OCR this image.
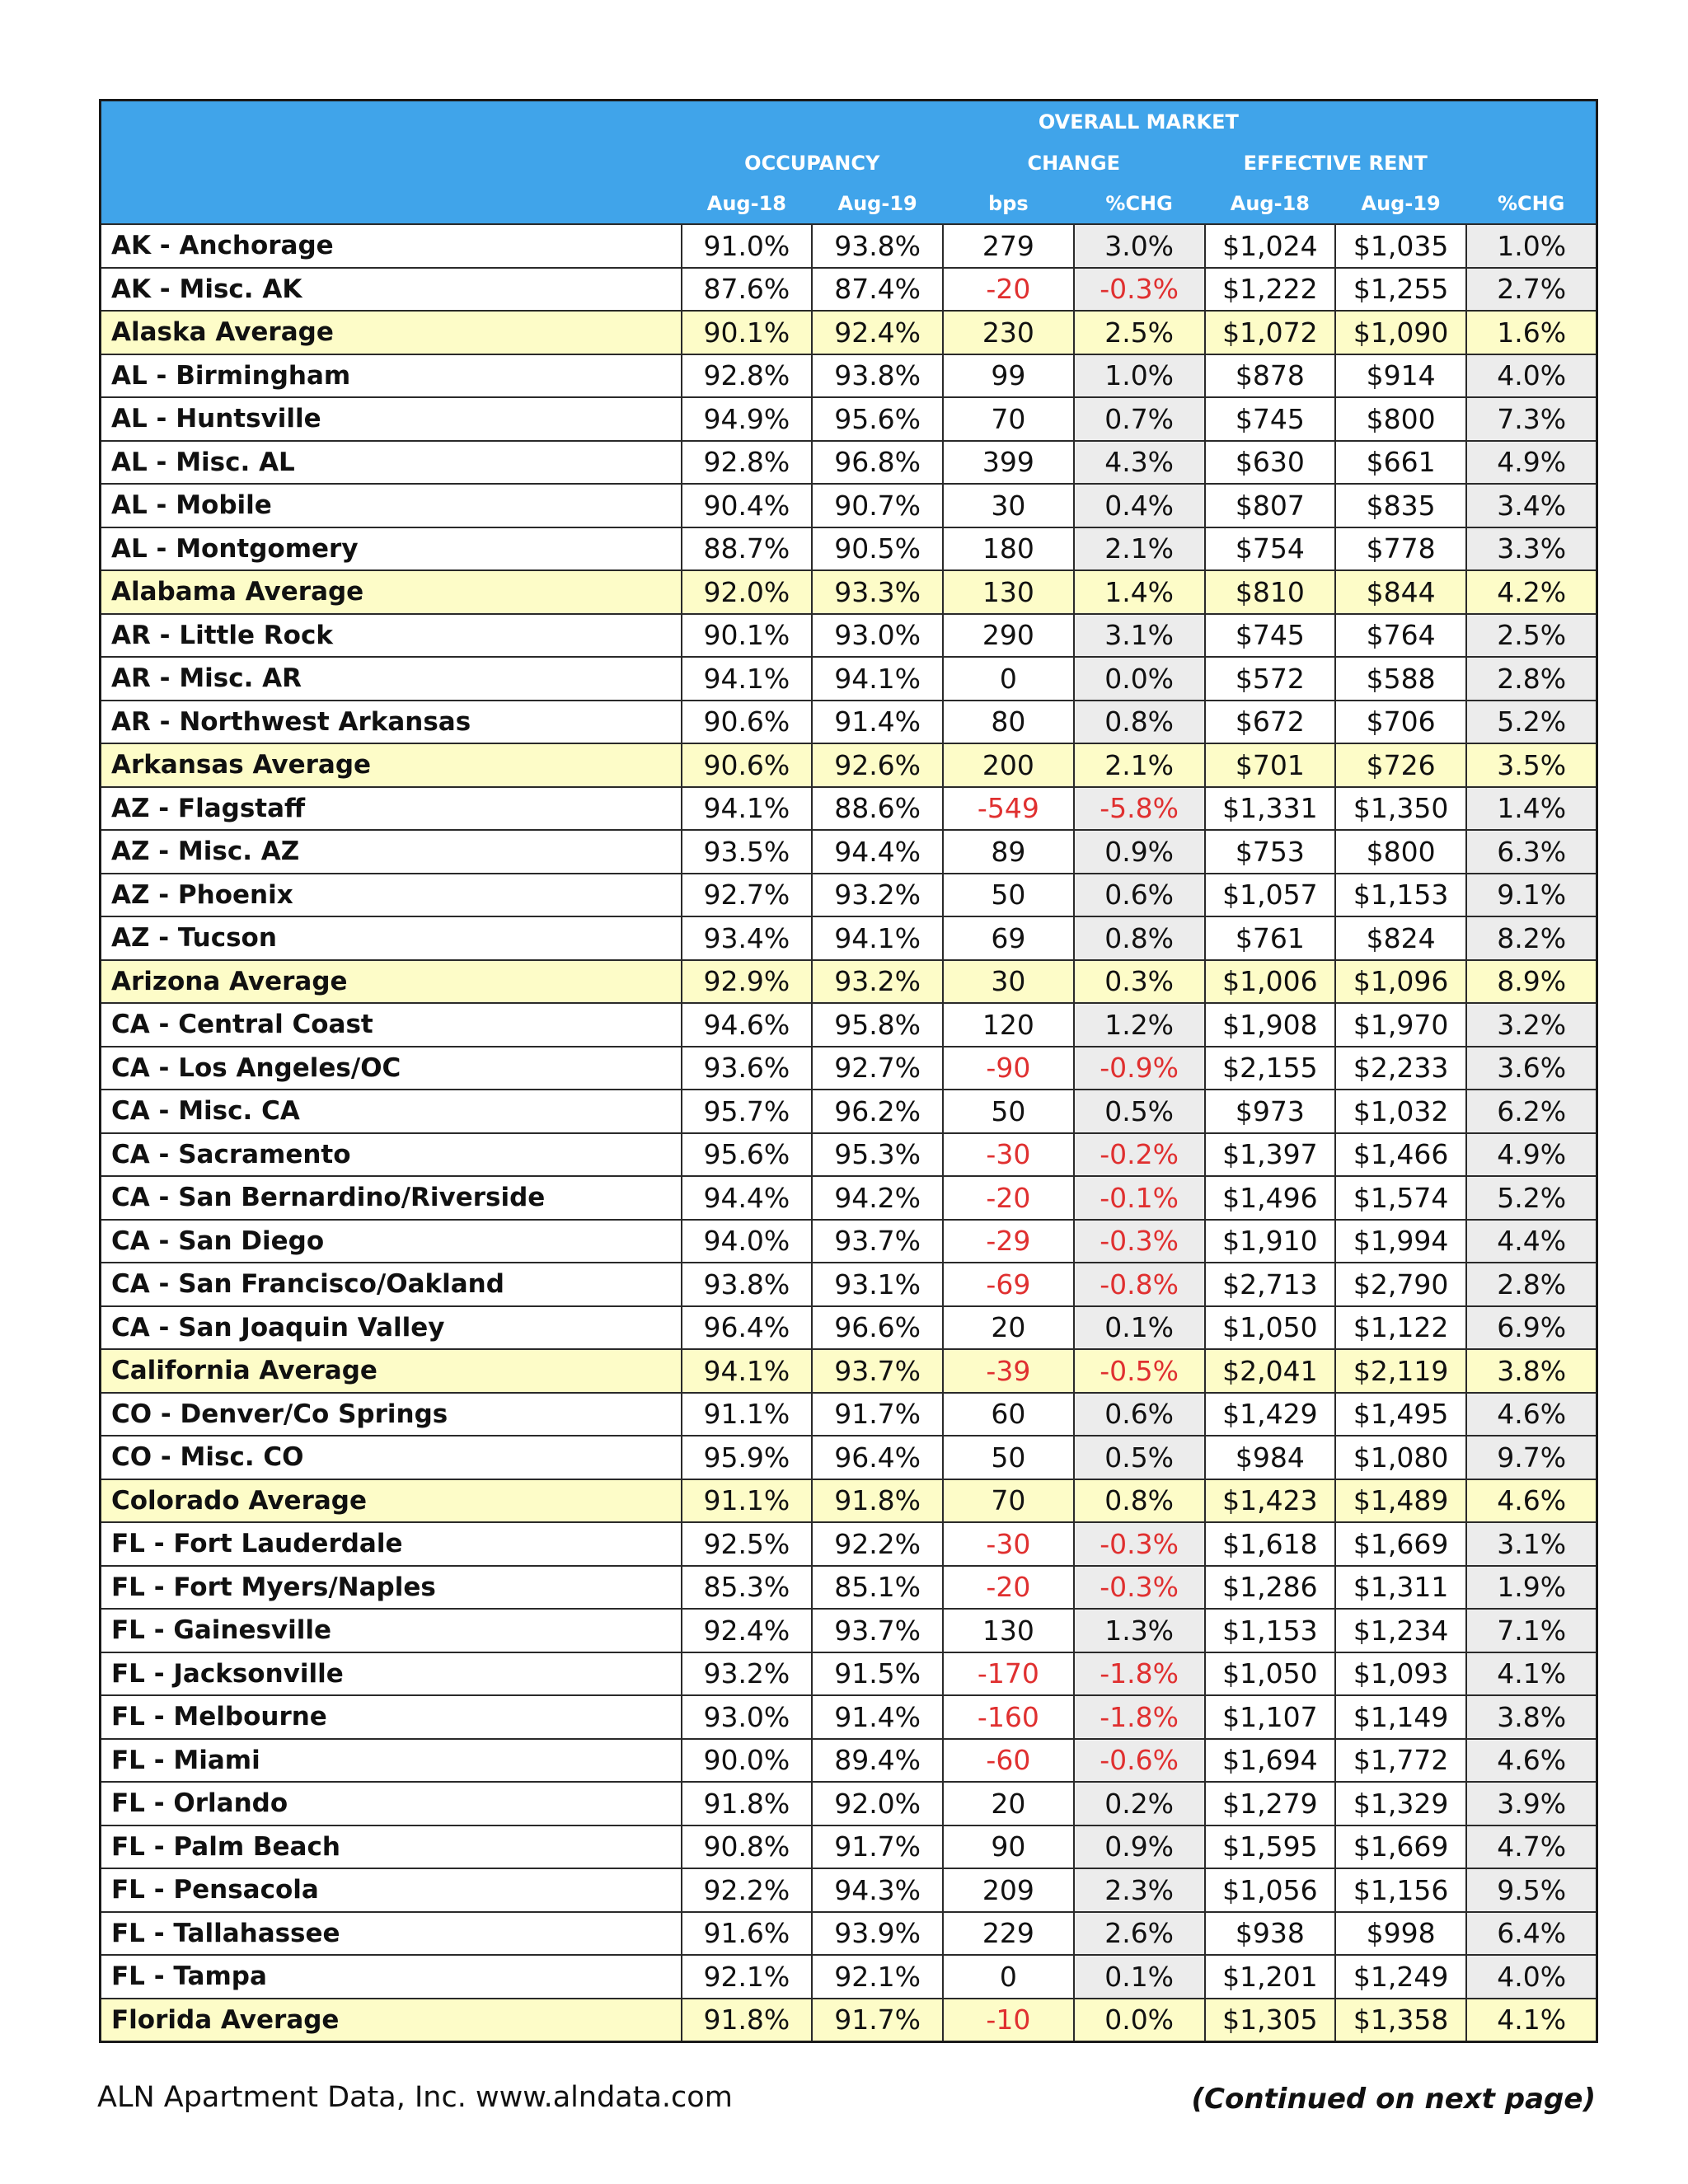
	OVERALL MARKET						
	OCCUPANCY		CHANGE		EFFECTIVE RENT		
	Aug-18	Aug-19	bps	%CHG	Aug-18	Aug-19	%CHG
AK - Anchorage	91.0%	93.8%	279	3.0%	$1,024	$1,035	1.0%
AK - Misc. AK	87.6%	87.4%	-20	-0.3%	$1,222	$1,255	2.7%
Alaska Average	90.1%	92.4%	230	2.5%	$1,072	$1,090	1.6%
AL - Birmingham	92.8%	93.8%	99	1.0%	$878	$914	4.0%
AL - Huntsville	94.9%	95.6%	70	0.7%	$745	$800	7.3%
AL - Misc. AL	92.8%	96.8%	399	4.3%	$630	$661	4.9%
AL - Mobile	90.4%	90.7%	30	0.4%	$807	$835	3.4%
AL - Montgomery	88.7%	90.5%	180	2.1%	$754	$778	3.3%
Alabama Average	92.0%	93.3%	130	1.4%	$810	$844	4.2%
AR - Little Rock	90.1%	93.0%	290	3.1%	$745	$764	2.5%
AR - Misc. AR	94.1%	94.1%	0	0.0%	$572	$588	2.8%
AR - Northwest Arkansas	90.6%	91.4%	80	0.8%	$672	$706	5.2%
Arkansas Average	90.6%	92.6%	200	2.1%	$701	$726	3.5%
AZ - Flagstaff	94.1%	88.6%	-549	-5.8%	$1,331	$1,350	1.4%
AZ - Misc. AZ	93.5%	94.4%	89	0.9%	$753	$800	6.3%
AZ - Phoenix	92.7%	93.2%	50	0.6%	$1,057	$1,153	9.1%
AZ - Tucson	93.4%	94.1%	69	0.8%	$761	$824	8.2%
Arizona Average	92.9%	93.2%	30	0.3%	$1,006	$1,096	8.9%
CA - Central Coast	94.6%	95.8%	120	1.2%	$1,908	$1,970	3.2%
CA - Los Angeles/OC	93.6%	92.7%	-90	-0.9%	$2,155	$2,233	3.6%
CA - Misc. CA	95.7%	96.2%	50	0.5%	$973	$1,032	6.2%
CA - Sacramento	95.6%	95.3%	-30	-0.2%	$1,397	$1,466	4.9%
CA - San Bernardino/Riverside	94.4%	94.2%	-20	-0.1%	$1,496	$1,574	5.2%
CA - San Diego	94.0%	93.7%	-29	-0.3%	$1,910	$1,994	4.4%
CA - San Francisco/Oakland	93.8%	93.1%	-69	-0.8%	$2,713	$2,790	2.8%
CA - San Joaquin Valley	96.4%	96.6%	20	0.1%	$1,050	$1,122	6.9%
California Average	94.1%	93.7%	-39	-0.5%	$2,041	$2,119	3.8%
CO - Denver/Co Springs	91.1%	91.7%	60	0.6%	$1,429	$1,495	4.6%
CO - Misc. CO	95.9%	96.4%	50	0.5%	$984	$1,080	9.7%
Colorado Average	91.1%	91.8%	70	0.8%	$1,423	$1,489	4.6%
FL - Fort Lauderdale	92.5%	92.2%	-30	-0.3%	$1,618	$1,669	3.1%
FL - Fort Myers/Naples	85.3%	85.1%	-20	-0.3%	$1,286	$1,311	1.9%
FL - Gainesville	92.4%	93.7%	130	1.3%	$1,153	$1,234	7.1%
FL - Jacksonville	93.2%	91.5%	-170	-1.8%	$1,050	$1,093	4.1%
FL - Melbourne	93.0%	91.4%	-160	-1.8%	$1,107	$1,149	3.8%
FL - Miami	90.0%	89.4%	-60	-0.6%	$1,694	$1,772	4.6%
FL - Orlando	91.8%	92.0%	20	0.2%	$1,279	$1,329	3.9%
FL - Palm Beach	90.8%	91.7%	90	0.9%	$1,595	$1,669	4.7%
FL - Pensacola	92.2%	94.3%	209	2.3%	$1,056	$1,156	9.5%
FL - Tallahassee	91.6%	93.9%	229	2.6%	$938	$998	6.4%
FL - Tampa	92.1%	92.1%	0	0.1%	$1,201	$1,249	4.0%
Florida Average	91.8%	91.7%	-10	0.0%	$1,305	$1,358	4.1%
ALN Apartment Data, Inc. www.alndata.com	(Continued on next page)
